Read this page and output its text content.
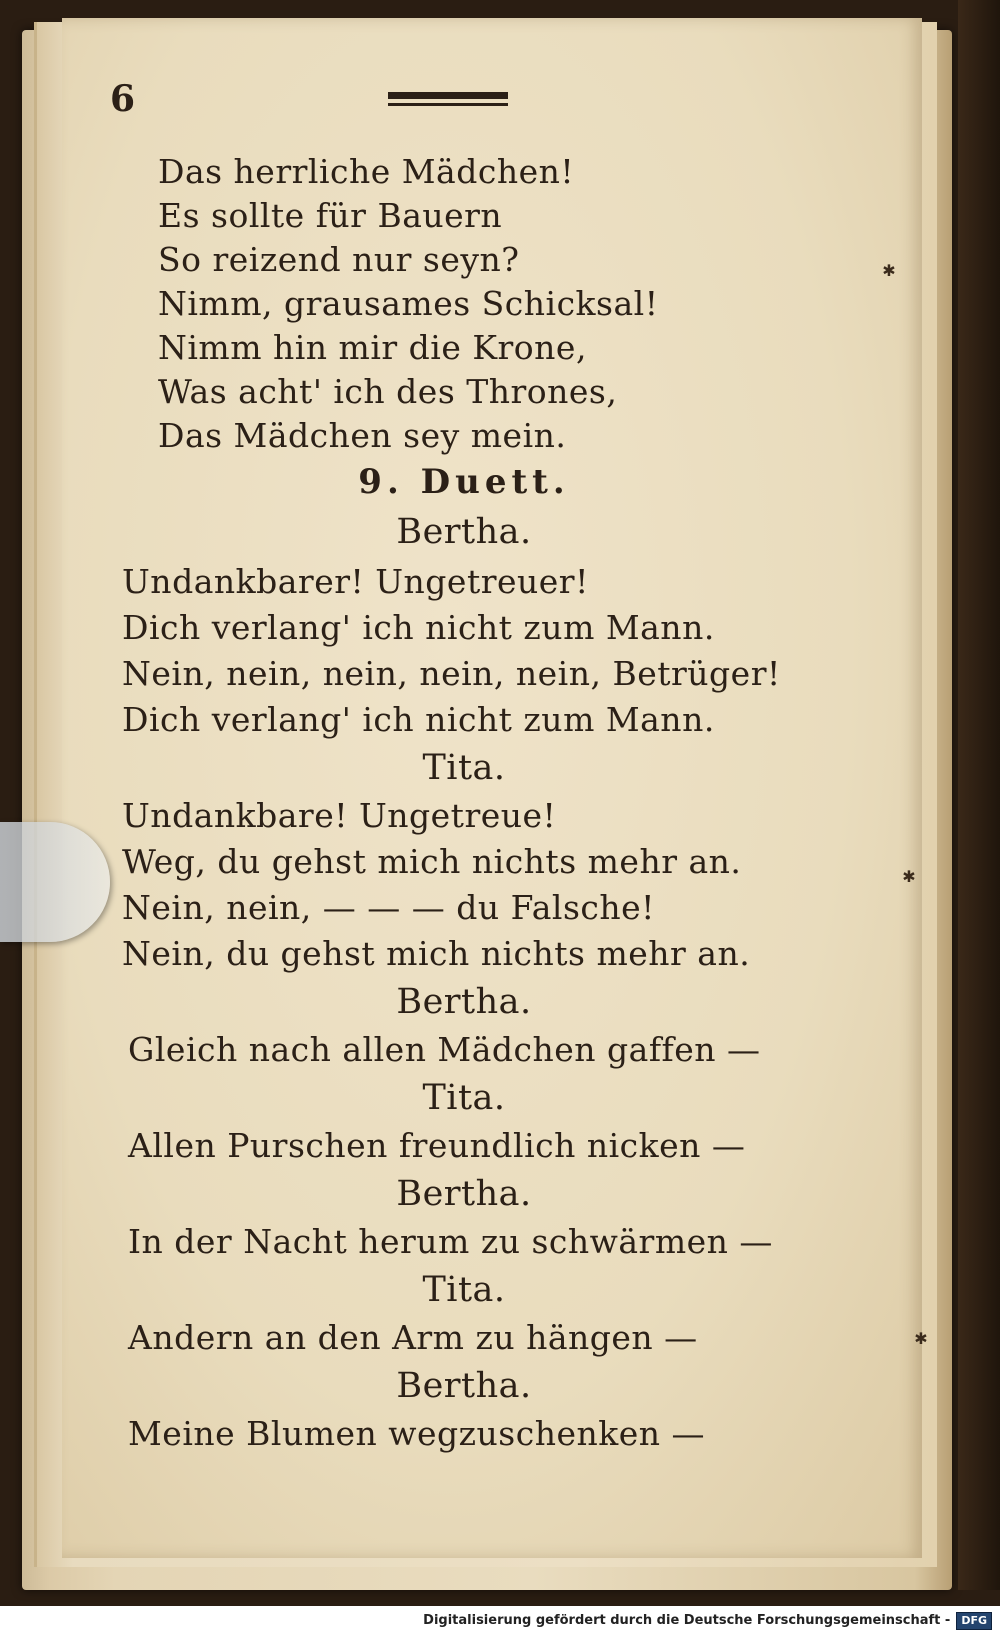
✱
✱
✱
6
Das herrliche Mädchen!
Es sollte für Bauern
So reizend nur seyn?
Nimm, grausames Schicksal!
Nimm hin mir die Krone,
Was acht' ich des Thrones,
Das Mädchen sey mein.
9. Duett.
Bertha.
Undankbarer! Ungetreuer!
Dich verlang' ich nicht zum Mann.
Nein, nein, nein, nein, nein, Betrüger!
Dich verlang' ich nicht zum Mann.
Tita.
Undankbare! Ungetreue!
Weg, du gehst mich nichts mehr an.
Nein, nein, — — — du Falsche!
Nein, du gehst mich nichts mehr an.
Bertha.
Gleich nach allen Mädchen gaffen —
Tita.
Allen Purschen freundlich nicken —
Bertha.
In der Nacht herum zu schwärmen —
Tita.
Andern an den Arm zu hängen —
Bertha.
Meine Blumen wegzuschenken —
Digitalisierung gefördert durch die Deutsche Forschungsgemeinschaft - DFG
